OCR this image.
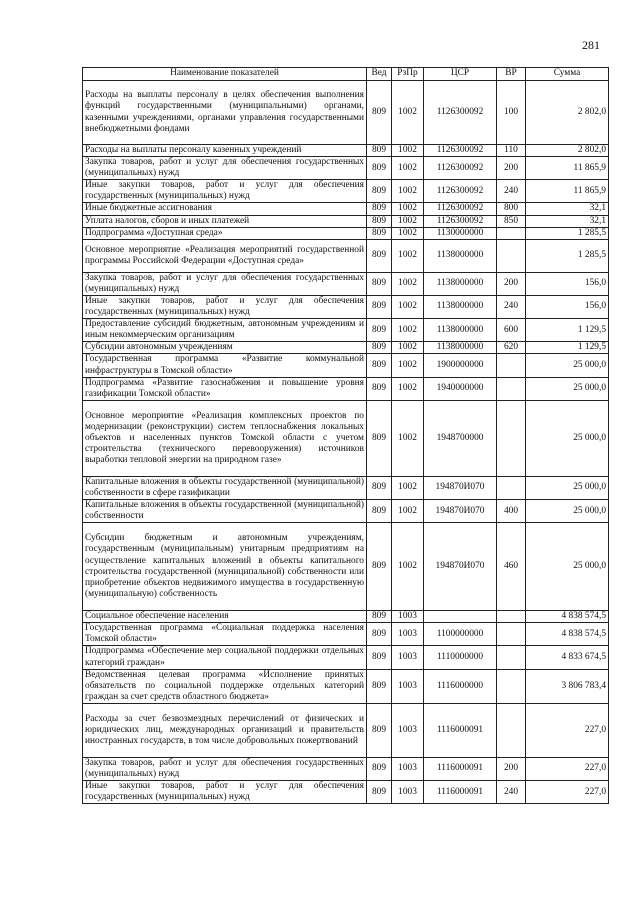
281
Наименование показателей	Вед	РзПр	ЦСР	ВР	Сумма
Расходы на выплаты персоналу в целях обеспечения выполнения функций государственными (муниципальными) органами, казенными учреждениями, органами управления государственными внебюджетными фондами	809	1002	1126300092	100	2 802,0
Расходы на выплаты персоналу казенных учреждений	809	1002	1126300092	110	2 802,0
Закупка товаров, работ и услуг для обеспечения государственных (муниципальных) нужд	809	1002	1126300092	200	11 865,9
Иные закупки товаров, работ и услуг для обеспечения государственных (муниципальных) нужд	809	1002	1126300092	240	11 865,9
Иные бюджетные ассигнования	809	1002	1126300092	800	32,1
Уплата налогов, сборов и иных платежей	809	1002	1126300092	850	32,1
Подпрограмма «Доступная среда»	809	1002	1130000000		1 285,5
Основное мероприятие «Реализация мероприятий государственной программы Российской Федерации «Доступная среда»	809	1002	1138000000		1 285,5
Закупка товаров, работ и услуг для обеспечения государственных (муниципальных) нужд	809	1002	1138000000	200	156,0
Иные закупки товаров, работ и услуг для обеспечения государственных (муниципальных) нужд	809	1002	1138000000	240	156,0
Предоставление субсидий бюджетным, автономным учреждениям и иным некоммерческим организациям	809	1002	1138000000	600	1 129,5
Субсидии автономным учреждениям	809	1002	1138000000	620	1 129,5
Государственная программа «Развитие коммунальной инфраструктуры в Томской области»	809	1002	1900000000		25 000,0
Подпрограмма «Развитие газоснабжения и повышение уровня газификации Томской области»	809	1002	1940000000		25 000,0
Основное мероприятие «Реализация комплексных проектов по модернизации (реконструкции) систем теплоснабжения локальных объектов и населенных пунктов Томской области с учетом строительства (технического перевооружения) источников выработки тепловой энергии на природном газе»	809	1002	1948700000		25 000,0
Капитальные вложения в объекты государственной (муниципальной) собственности в сфере газификации	809	1002	194870И070		25 000,0
Капитальные вложения в объекты государственной (муниципальной) собственности	809	1002	194870И070	400	25 000,0
Субсидии бюджетным и автономным учреждениям, государственным (муниципальным) унитарным предприятиям на осуществление капитальных вложений в объекты капитального строительства государственной (муниципальной) собственности или приобретение объектов недвижимого имущества в государственную (муниципальную) собственность	809	1002	194870И070	460	25 000,0
Социальное обеспечение населения	809	1003			4 838 574,5
Государственная программа «Социальная поддержка населения Томской области»	809	1003	1100000000		4 838 574,5
Подпрограмма «Обеспечение мер социальной поддержки отдельных категорий граждан»	809	1003	1110000000		4 833 674,5
Ведомственная целевая программа «Исполнение принятых обязательств по социальной поддержке отдельных категорий граждан за счет средств областного бюджета»	809	1003	1116000000		3 806 783,4
Расходы за счет безвозмездных перечислений от физических и юридических лиц, международных организаций и правительств иностранных государств, в том числе добровольных пожертвований	809	1003	1116000091		227,0
Закупка товаров, работ и услуг для обеспечения государственных (муниципальных) нужд	809	1003	1116000091	200	227,0
Иные закупки товаров, работ и услуг для обеспечения государственных (муниципальных) нужд	809	1003	1116000091	240	227,0
